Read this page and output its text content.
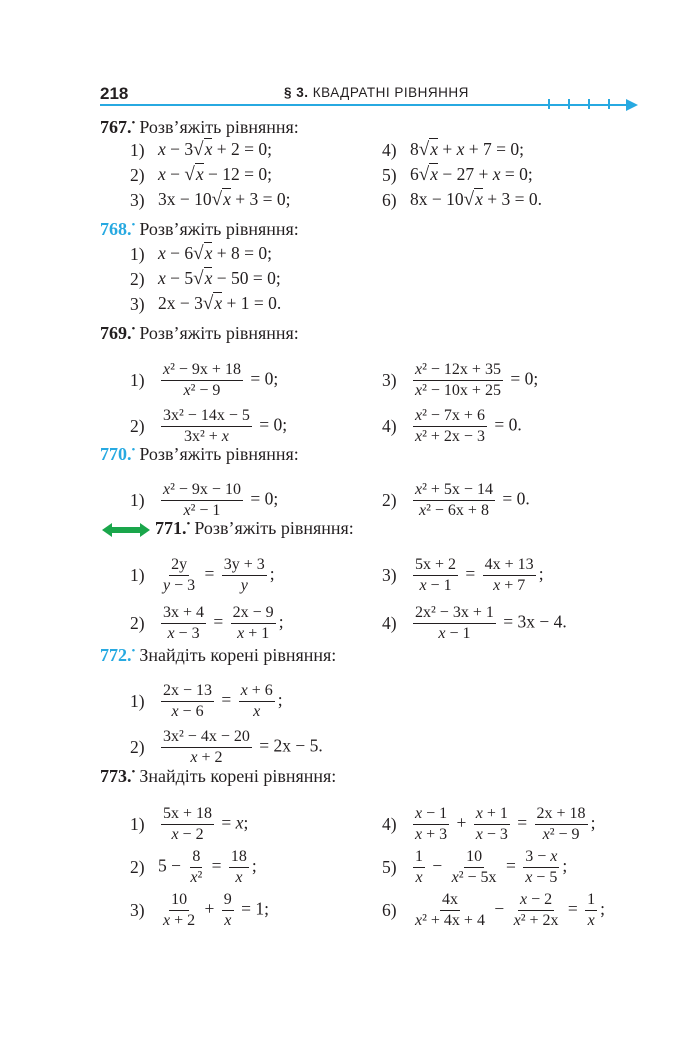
218	§ 3. КВАДРАТНІ РІВНЯННЯ
767.• Розв’яжіть рівняння:
1) x − 3√x + 2 = 0;
2) x − √x − 12 = 0;
3) 3x − 10√x + 3 = 0;
4) 8√x + x + 7 = 0;
5) 6√x − 27 + x = 0;
6) 8x − 10√x + 3 = 0.
768.• Розв’яжіть рівняння:
1) x − 6√x + 8 = 0;
2) x − 5√x − 50 = 0;
3) 2x − 3√x + 1 = 0.
769.• Розв’яжіть рівняння:
1)	$\frac{\text{x² − 9x + 18}}{\text{x² − 9}} = 0$;
2)	$\frac{\text{3x² − 14x − 5}}{\text{3x² + x}} = 0$;
3)	$\frac{\text{x² − 12x + 35}}{\text{x² − 10x + 25}} = 0$;
4)	$\frac{\text{x² − 7x + 6}}{\text{x² + 2x − 3}} = 0$.
770.• Розв’яжіть рівняння:
1)	$\frac{\text{x² − 9x − 10}}{\text{x² − 1}} = 0$;	2)	$\frac{\text{x² + 5x − 14}}{\text{x² − 6x + 8}} = 0$.
771.• Розв’яжіть рівняння:
1)	$\frac{2y}{y - 3} = \frac{3y + 3}{y}$ ;
2)	$\frac{3x + 4}{x - 3} = \frac{2x - 9}{x + 1}$ ;
3)	$\frac{5x + 2}{x - 1} = \frac{4x + 13}{x + 7}$ ;
4)	$\frac{\text{2x² − 3x + 1}}{x - 1} = 3x - 4$.
772.• Знайдіть корені рівняння:
1)	$\frac{2x - 13}{x - 6} = \frac{x + 6}{x}$ ;
2)	$\frac{\text{3x² − 4x − 20}}{x + 2} = 2x - 5$.
773.• Знайдіть корені рівняння:
1)	$\frac{5x + 18}{x - 2} = x$;
2) $5 - \frac{8}{\text{x²}} = \frac{18}{x}$ ;
3)	$\frac{10}{x + 2} + \frac{9}{x} = 1$;
4)	$\frac{x - 1}{x + 3} + \frac{x + 1}{x - 3} = \frac{2x + 18}{\text{x² − 9}}$ ;
5)	$\frac{1}{x} - \frac{10}{\text{x² − 5x}} = \frac{3 - x}{x - 5}$ ;
6)	$\frac{4x}{\text{x² + 4x + 4}} - \frac{x - 2}{\text{x² + 2x}} = \frac{1}{x}$ ;
